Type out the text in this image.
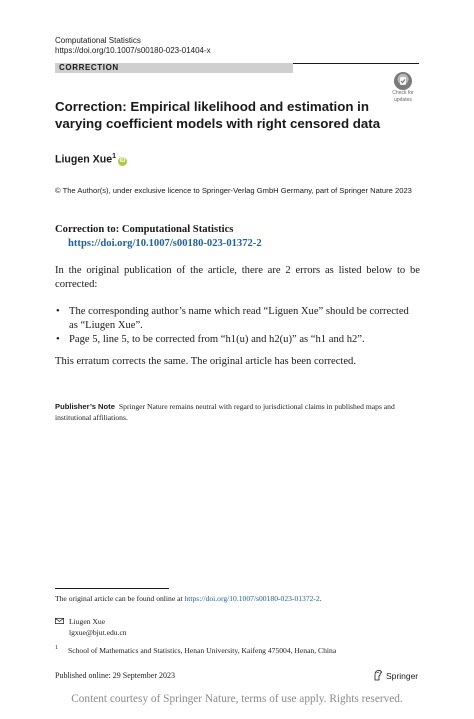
Computational Statistics
https://doi.org/10.1007/s00180-023-01404-x
CORRECTION
Check for
updates
Correction: Empirical likelihood and estimation in varying coefficient models with right censored data
Liugen Xue$^1$iD
© The Author(s), under exclusive licence to Springer-Verlag GmbH Germany, part of Springer Nature 2023
Correction to: Computational Statistics
https://doi.org/10.1007/s00180-023-01372-2

In the original publication of the article, there are 2 errors as listed below to be corrected:

• The corresponding author’s name which read “Liguen Xue” should be corrected as “Liugen Xue”.
• Page 5, line 5, to be corrected from “h1(u) and h2(u)” as “h1 and h2”.
This erratum corrects the same. The original article has been corrected.

Publisher’s Note Springer Nature remains neutral with regard to jurisdictional claims in published maps and institutional affiliations.

The original article can be found online at https://doi.org/10.1007/s00180-023-01372-2.
Liugen Xue
lgxue@bjut.edu.cn
1 School of Mathematics and Statistics, Henan University, Kaifeng 475004, Henan, China
Published online: 29 September 2023	Springer
Content courtesy of Springer Nature, terms of use apply. Rights reserved.
